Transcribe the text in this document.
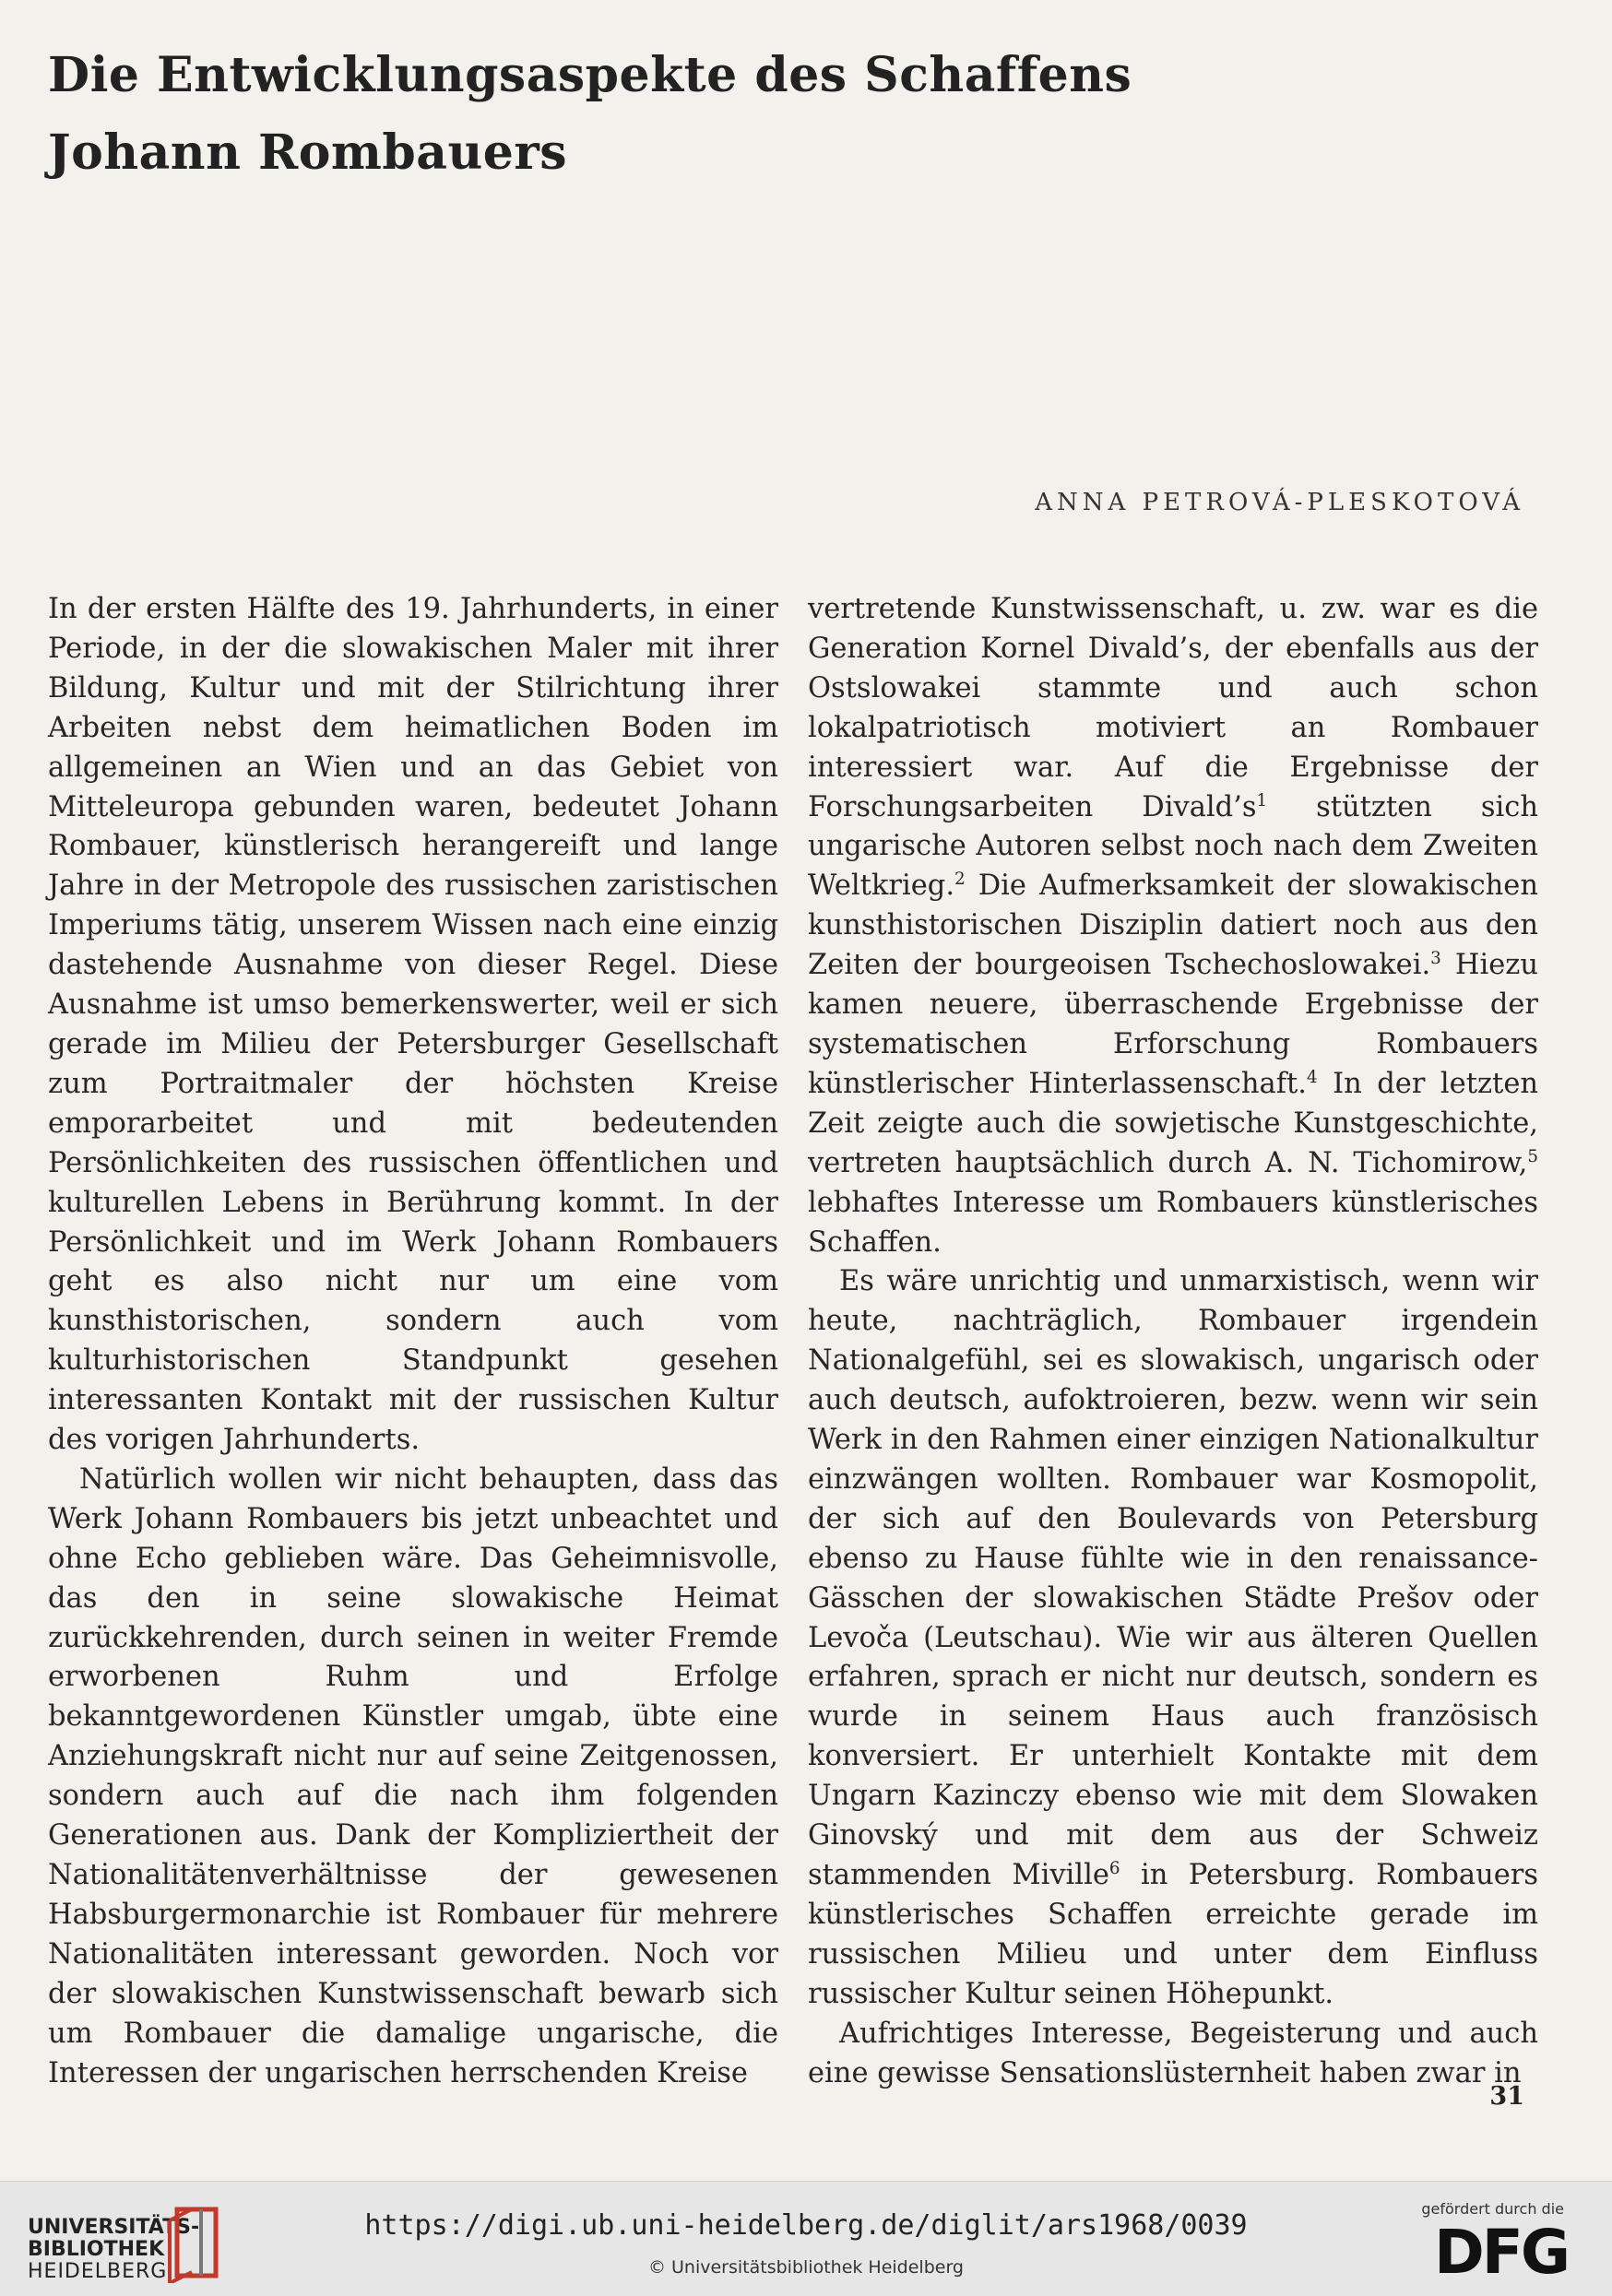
Die Entwicklungsaspekte des Schaffens
Johann Rombauers
ANNA PETROVÁ-PLESKOTOVÁ

In der ersten Hälfte des 19. Jahrhunderts, in einer Periode, in der die slowakischen Maler mit ihrer Bildung, Kultur und mit der Stilrichtung ihrer Arbeiten nebst dem heimatlichen Boden im allgemeinen an Wien und an das Gebiet von Mitteleuropa gebunden waren, bedeutet Johann Rombauer, künstlerisch herangereift und lange Jahre in der Metropole des russischen zaristischen Imperiums tätig, unserem Wissen nach eine einzig dastehende Ausnahme von dieser Regel. Diese Ausnahme ist umso bemerkenswerter, weil er sich gerade im Milieu der Petersburger Gesellschaft zum Portraitmaler der höchsten Kreise emporarbeitet und mit bedeutenden Persönlichkeiten des russischen öffentlichen und kulturellen Lebens in Berührung kommt. In der Persönlichkeit und im Werk Johann Rombauers geht es also nicht nur um eine vom kunsthistorischen, sondern auch vom kulturhistorischen Standpunkt gesehen interessanten Kontakt mit der russischen Kultur des vorigen Jahrhunderts.

Natürlich wollen wir nicht behaupten, dass das Werk Johann Rombauers bis jetzt unbeachtet und ohne Echo geblieben wäre. Das Geheimnisvolle, das den in seine slowakische Heimat zurückkehrenden, durch seinen in weiter Fremde erworbenen Ruhm und Erfolge bekanntgewordenen Künstler umgab, übte eine Anziehungskraft nicht nur auf seine Zeitgenossen, sondern auch auf die nach ihm folgenden Generationen aus. Dank der Kompliziertheit der Nationalitätenverhältnisse der gewesenen Habsburgermonarchie ist Rombauer für mehrere Nationalitäten interessant geworden. Noch vor der slowakischen Kunstwissenschaft bewarb sich um Rombauer die damalige ungarische, die Interessen der ungarischen herrschenden Kreise

vertretende Kunstwissenschaft, u. zw. war es die Generation Kornel Divald’s, der ebenfalls aus der Ostslowakei stammte und auch schon lokalpatriotisch motiviert an Rombauer interessiert war. Auf die Ergebnisse der Forschungsarbeiten $Divald’s^1$ stützten sich ungarische Autoren selbst noch nach dem Zweiten Weltkrieg.$^2$ Die Aufmerksamkeit der slowakischen kunsthistorischen Disziplin datiert noch aus den Zeiten der bourgeoisen Tschechoslowakei.$^3$ Hiezu kamen neuere, überraschende Ergebnisse der systematischen Erforschung Rombauers künstlerischer Hinterlassenschaft.$^4$ In der letzten Zeit zeigte auch die sowjetische Kunstgeschichte, vertreten hauptsächlich durch A. N. Tichomirow,$^5$ lebhaftes Interesse um Rombauers künstlerisches Schaffen.

Es wäre unrichtig und unmarxistisch, wenn wir heute, nachträglich, Rombauer irgendein Nationalgefühl, sei es slowakisch, ungarisch oder auch deutsch, aufoktroieren, bezw. wenn wir sein Werk in den Rahmen einer einzigen Nationalkultur einzwängen wollten. Rombauer war Kosmopolit, der sich auf den Boulevards von Petersburg ebenso zu Hause fühlte wie in den renaissance-Gässchen der slowakischen Städte Prešov oder Levoča (Leutschau). Wie wir aus älteren Quellen erfahren, sprach er nicht nur deutsch, sondern es wurde in seinem Haus auch französisch konversiert. Er unterhielt Kontakte mit dem Ungarn Kazinczy ebenso wie mit dem Slowaken Ginovský und mit dem aus der Schweiz stammenden Miville$^6$ in Petersburg. Rombauers künstlerisches Schaffen erreichte gerade im russischen Milieu und unter dem Einfluss russischer Kultur seinen Höhepunkt.

Aufrichtiges Interesse, Begeisterung und auch eine gewisse Sensationslüsternheit haben zwar in

31
UNIVERSITÄTS-
BIBLIOTHEK
HEIDELBERG
https://digi.ub.uni-heidelberg.de/diglit/ars1968/0039
© Universitätsbibliothek Heidelberg
gefördert durch die
DFG
